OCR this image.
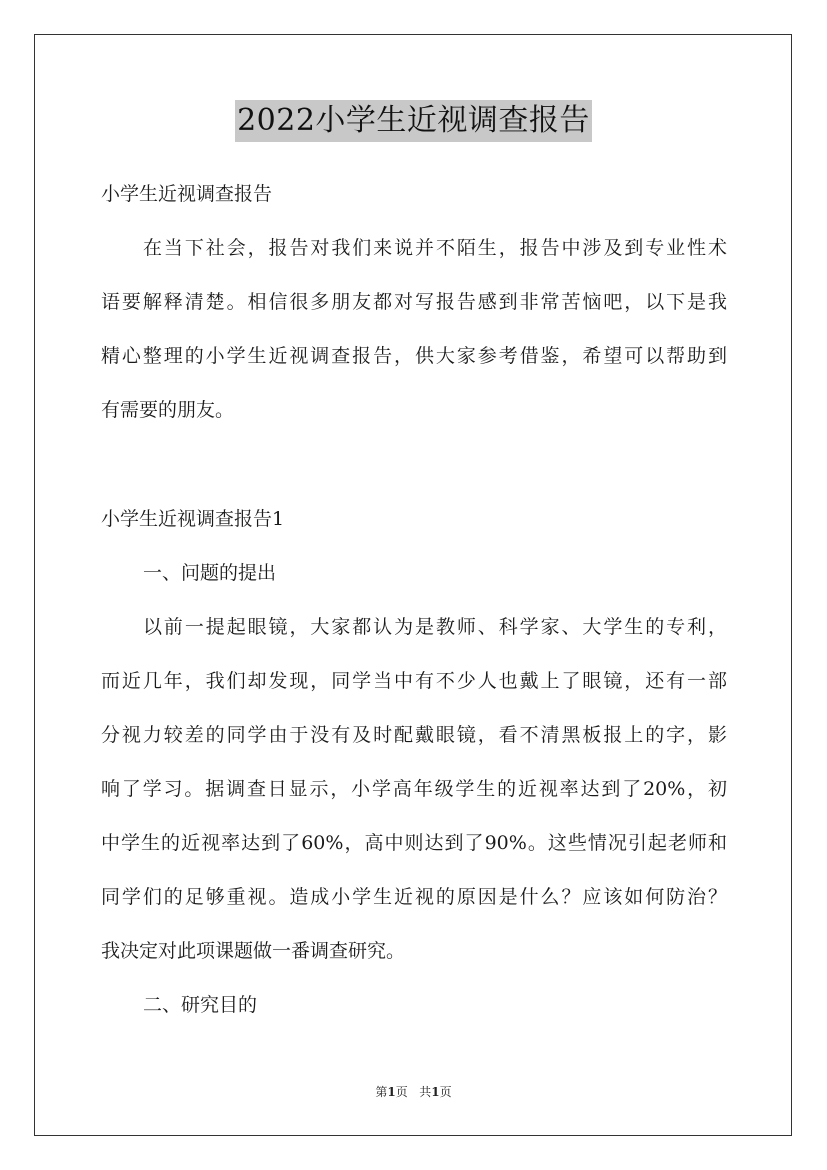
2022小学生近视调查报告
小学生近视调查报告
在当下社会，报告对我们来说并不陌生，报告中涉及到专业性术
语要解释清楚。相信很多朋友都对写报告感到非常苦恼吧，以下是我
精心整理的小学生近视调查报告，供大家参考借鉴，希望可以帮助到
有需要的朋友。
小学生近视调查报告1
一、问题的提出
以前一提起眼镜，大家都认为是教师、科学家、大学生的专利，
而近几年，我们却发现，同学当中有不少人也戴上了眼镜，还有一部
分视力较差的同学由于没有及时配戴眼镜，看不清黑板报上的字，影
响了学习。据调查日显示，小学高年级学生的近视率达到了20%，初
中学生的近视率达到了60%，高中则达到了90%。这些情况引起老师和
同学们的足够重视。造成小学生近视的原因是什么？应该如何防治？
我决定对此项课题做一番调查研究。
二、研究目的
第1页 共1页
